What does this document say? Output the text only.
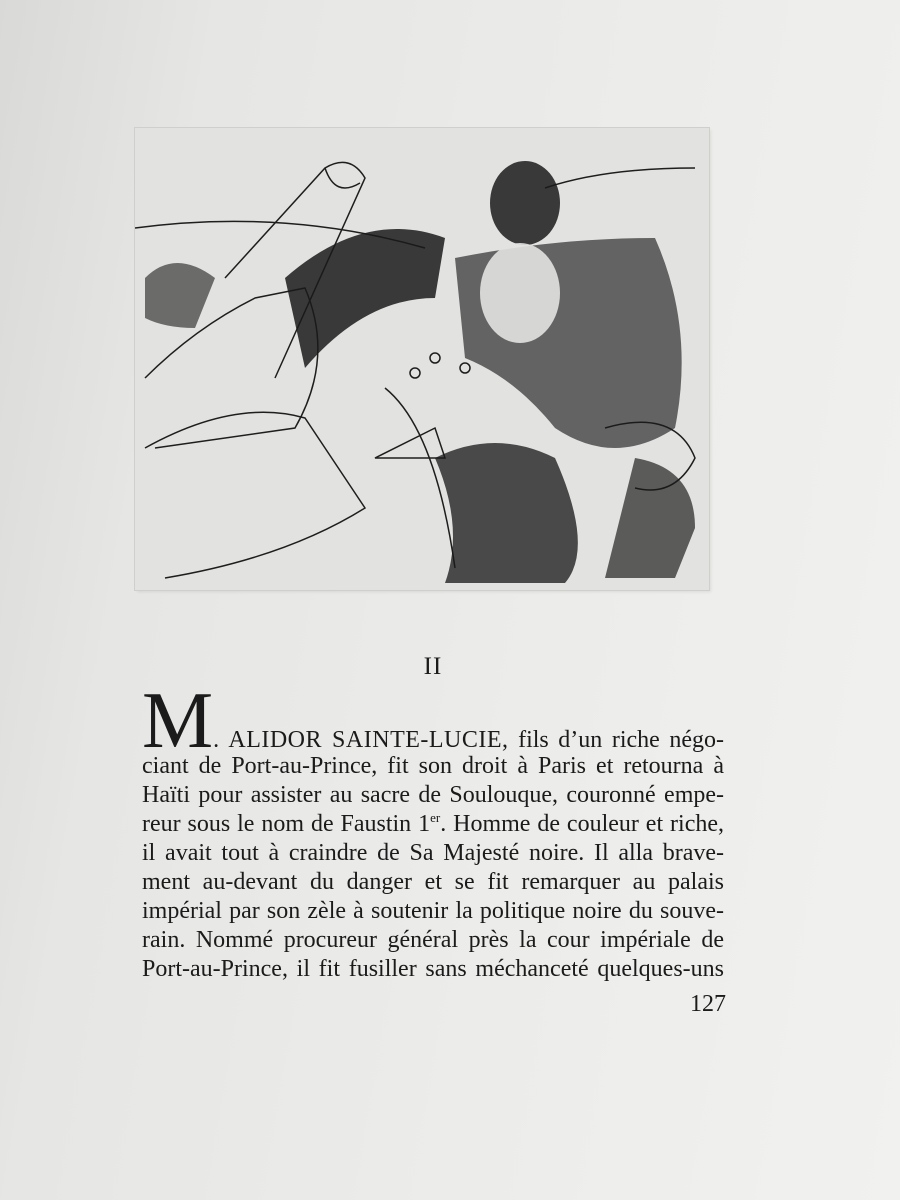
II
M . ALIDOR SAINTE-LUCIE, fils d’un riche négo-
ciant de Port-au-Prince, fit son droit à Paris et retourna à
Haïti pour assister au sacre de Soulouque, couronné empe-
reur sous le nom de Faustin 1er. Homme de couleur et riche,
il avait tout à craindre de Sa Majesté noire. Il alla brave-
ment au-devant du danger et se fit remarquer au palais
impérial par son zèle à soutenir la politique noire du souve-
rain. Nommé procureur général près la cour impériale de
Port-au-Prince, il fit fusiller sans méchanceté quelques-uns
127
